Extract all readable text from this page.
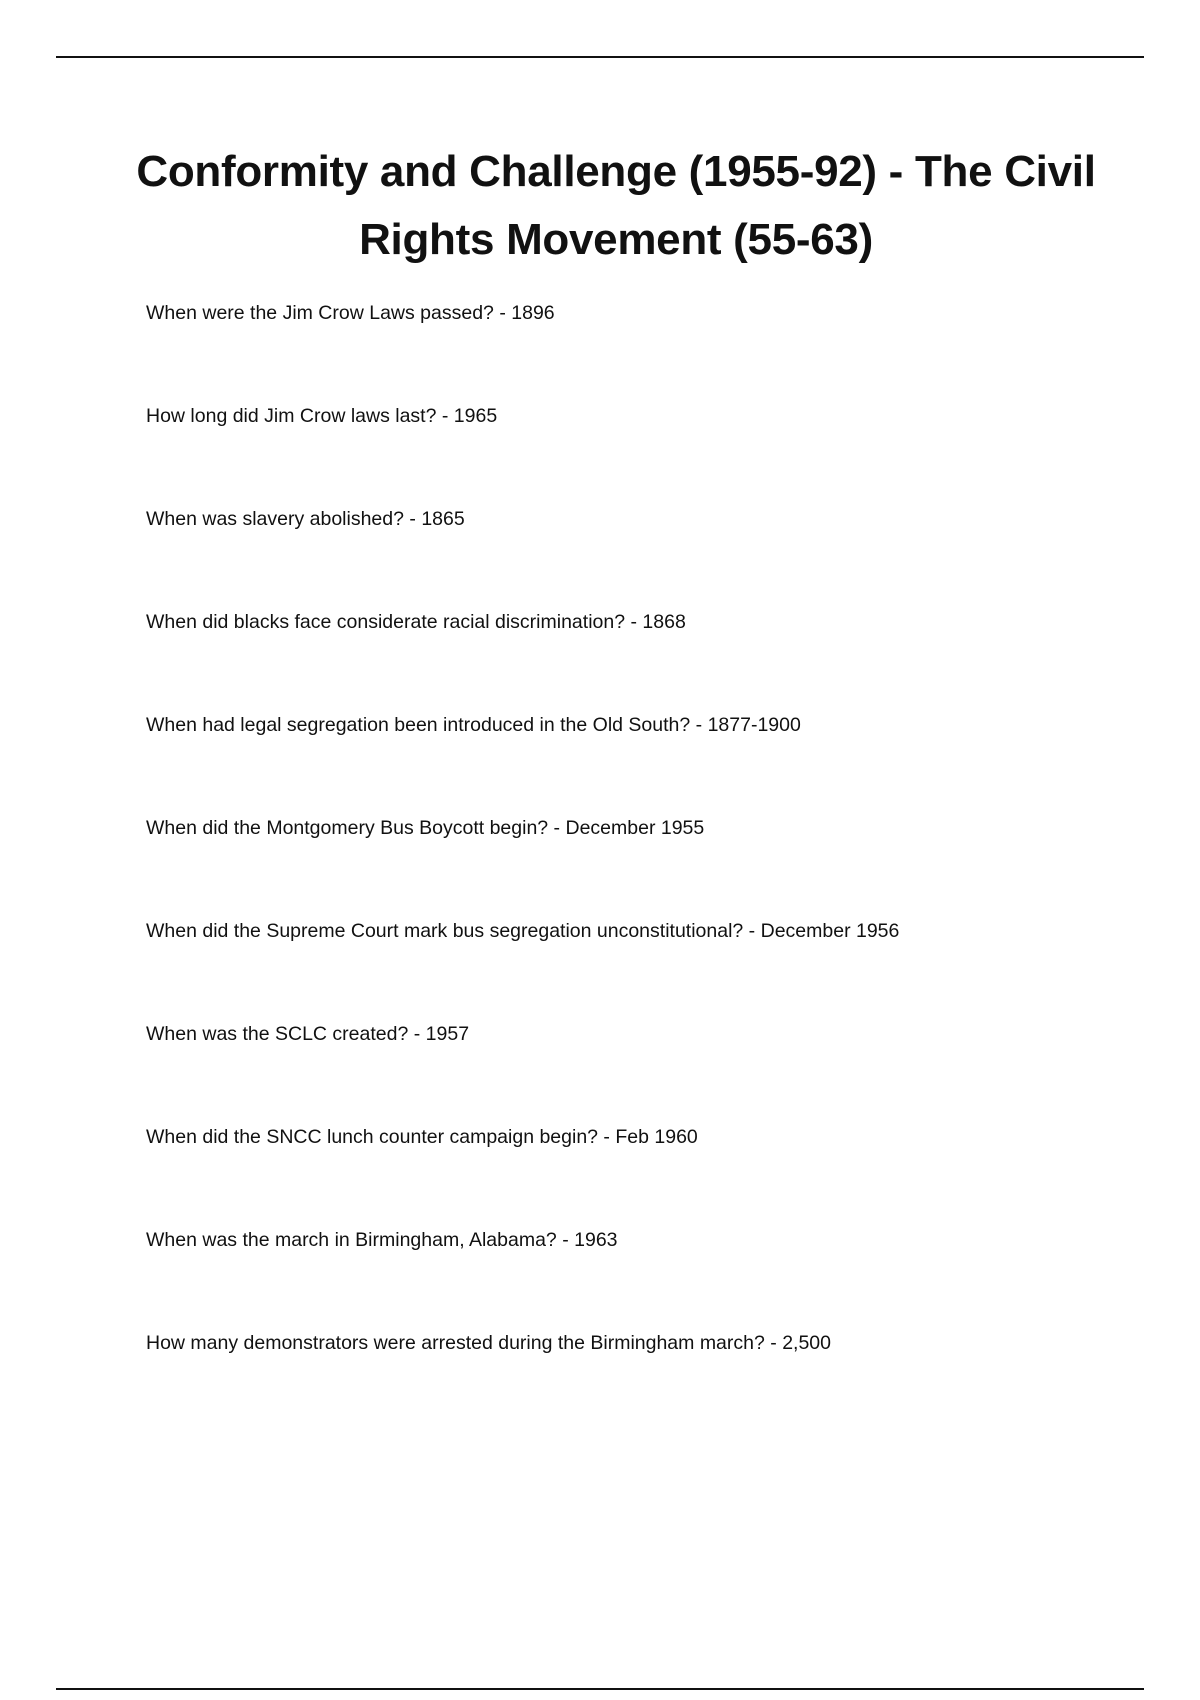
Conformity and Challenge (1955-92) - The Civil Rights Movement (55-63)
When were the Jim Crow Laws passed? - 1896
How long did Jim Crow laws last? - 1965
When was slavery abolished? - 1865
When did blacks face considerate racial discrimination? - 1868
When had legal segregation been introduced in the Old South? - 1877-1900
When did the Montgomery Bus Boycott begin? - December 1955
When did the Supreme Court mark bus segregation unconstitutional? - December 1956
When was the SCLC created? - 1957
When did the SNCC lunch counter campaign begin? - Feb 1960
When was the march in Birmingham, Alabama? - 1963
How many demonstrators were arrested during the Birmingham march? - 2,500
